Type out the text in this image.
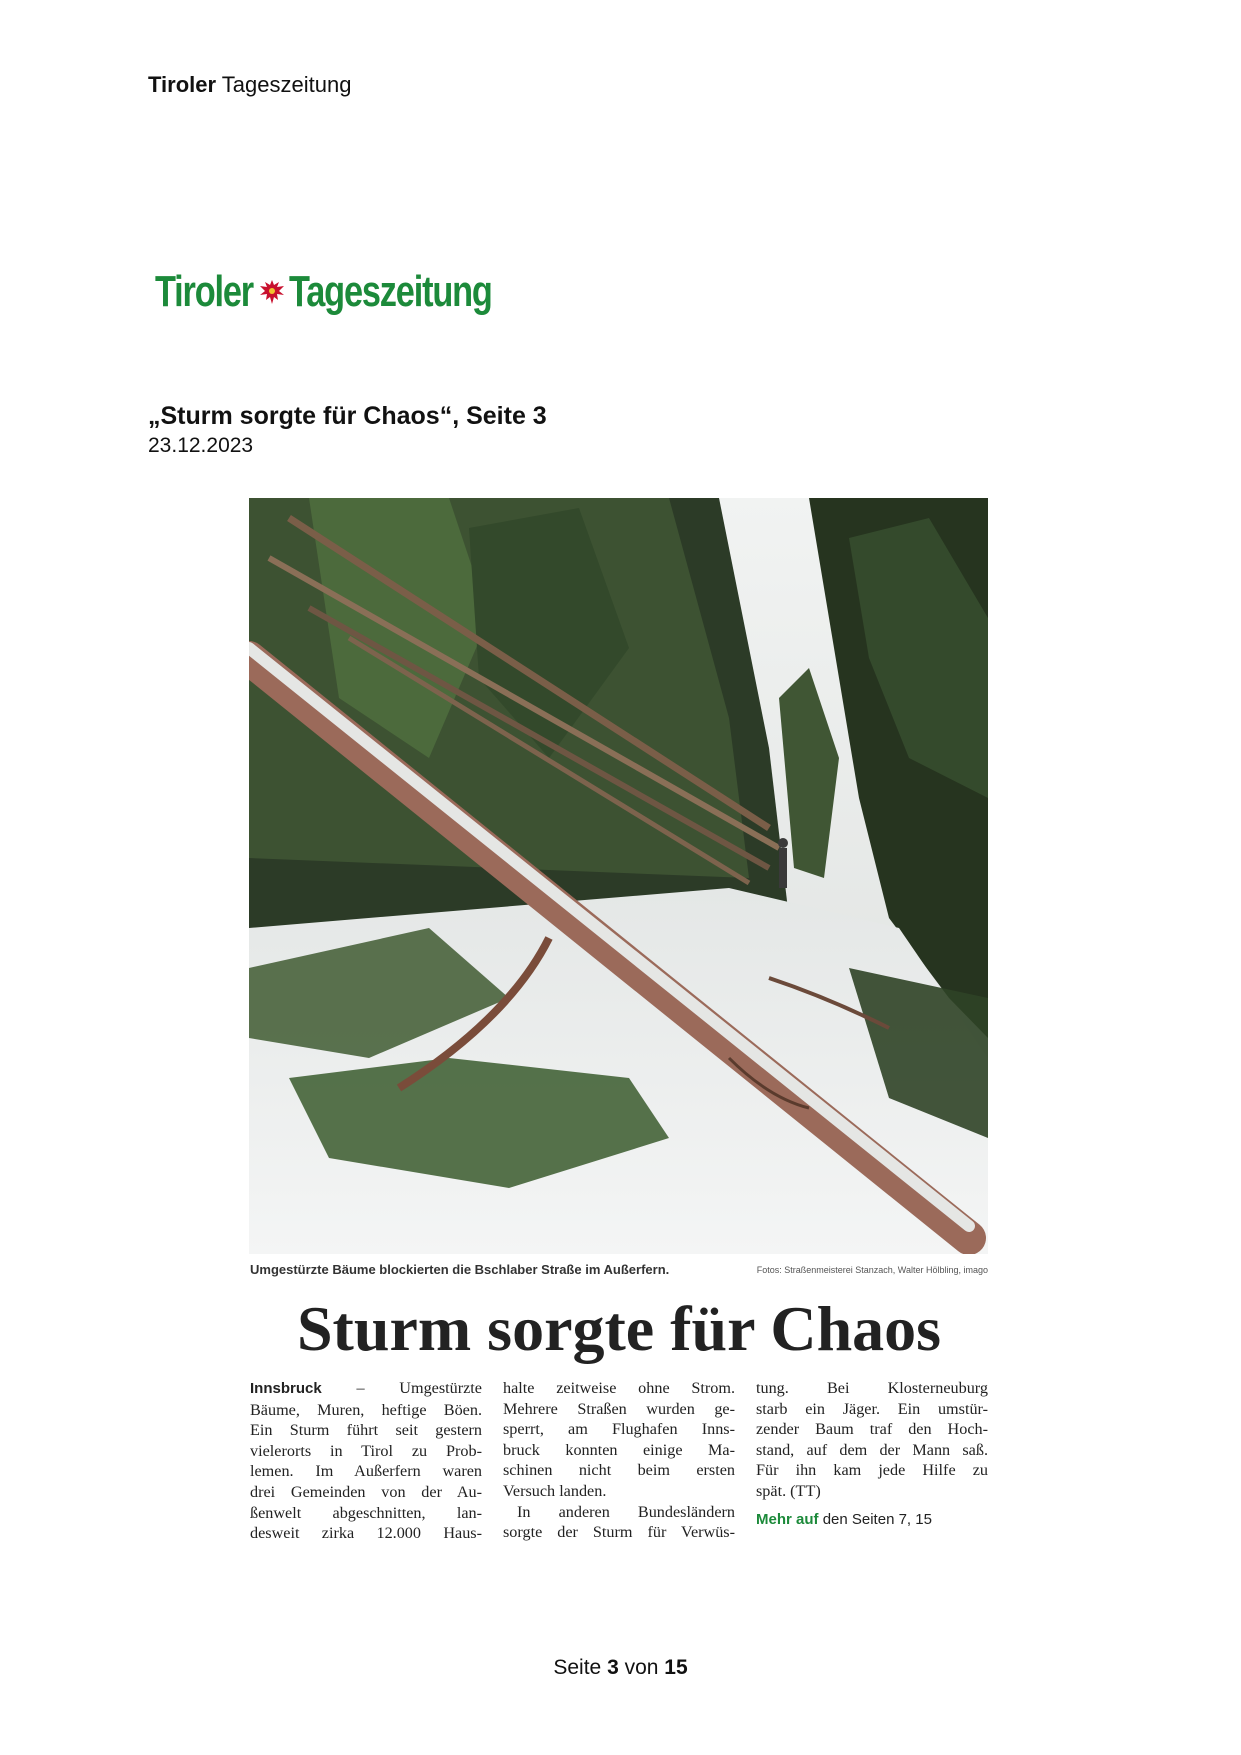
Tiroler Tageszeitung
Tiroler Tageszeitung
„Sturm sorgte für Chaos“, Seite 3
23.12.2023
Umgestürzte Bäume blockierten die Bschlaber Straße im Außerfern.	Fotos: Straßenmeisterei Stanzach, Walter Hölbling, imago
Sturm sorgte für Chaos
Innsbruck – Umgestürzte
Bäume, Muren, heftige Böen.
Ein Sturm führt seit gestern
vielerorts in Tirol zu Prob-
lemen. Im Außerfern waren
drei Gemeinden von der Au-
ßenwelt abgeschnitten, lan-
desweit zirka 12.000 Haus-
halte zeitweise ohne Strom.
Mehrere Straßen wurden ge-
sperrt, am Flughafen Inns-
bruck konnten einige Ma-
schinen nicht beim ersten
Versuch landen.
In anderen Bundesländern
sorgte der Sturm für Verwüs-
tung. Bei Klosterneuburg
starb ein Jäger. Ein umstür-
zender Baum traf den Hoch-
stand, auf dem der Mann saß.
Für ihn kam jede Hilfe zu
spät. (TT)
Mehr auf den Seiten 7, 15
Seite 3 von 15
